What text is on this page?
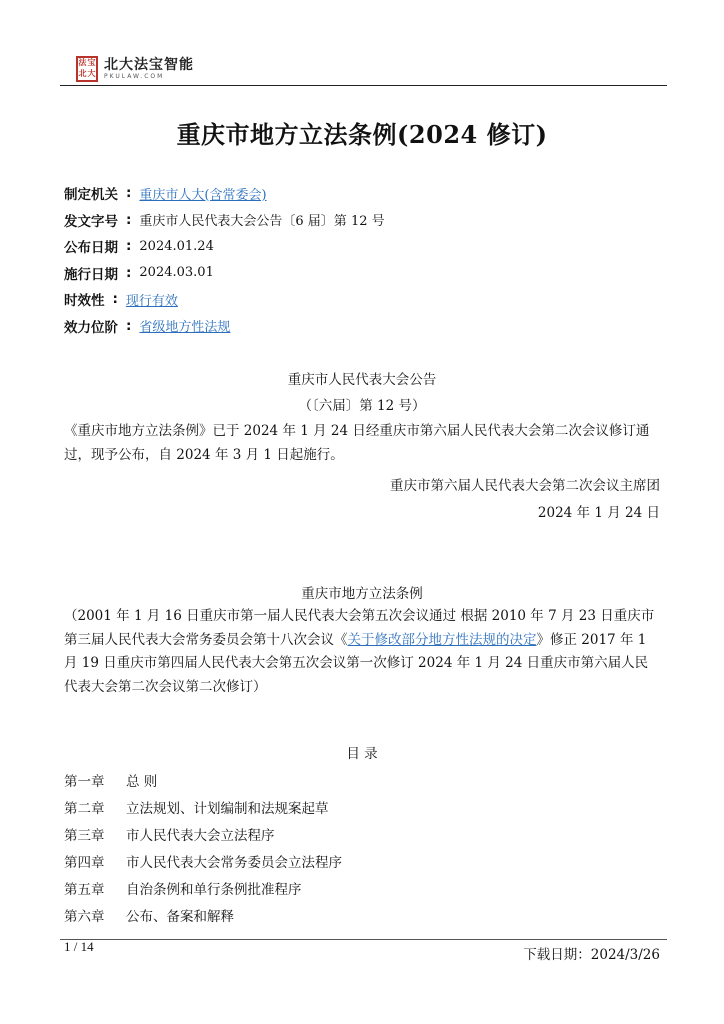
法 宝
北 大
北大法宝智能
PKULAW.COM
重庆市地方立法条例(2024 修订)
制定机关 : 重庆市人大(含常委会)
发文字号 : 重庆市人民代表大会公告〔6 届〕第 12 号
公布日期 : 2024.01.24
施行日期 : 2024.03.01
时效性 : 现行有效
效力位阶 : 省级地方性法规
重庆市人民代表大会公告
（〔六届〕第 12 号）
《重庆市地方立法条例》已于 2024 年 1 月 24 日经重庆市第六届人民代表大会第二次会议修订通过，现予公布，自 2024 年 3 月 1 日起施行。
重庆市第六届人民代表大会第二次会议主席团
2024 年 1 月 24 日
重庆市地方立法条例
（2001 年 1 月 16 日重庆市第一届人民代表大会第五次会议通过 根据 2010 年 7 月 23 日重庆市第三届人民代表大会常务委员会第十八次会议《关于修改部分地方性法规的决定》修正 2017 年 1 月 19 日重庆市第四届人民代表大会第五次会议第一次修订 2024 年 1 月 24 日重庆市第六届人民代表大会第二次会议第二次修订）
目 录
第一章	总 则
第二章	立法规划、计划编制和法规案起草
第三章	市人民代表大会立法程序
第四章	市人民代表大会常务委员会立法程序
第五章	自治条例和单行条例批准程序
第六章	公布、备案和解释
1 / 14
下载日期：2024/3/26
